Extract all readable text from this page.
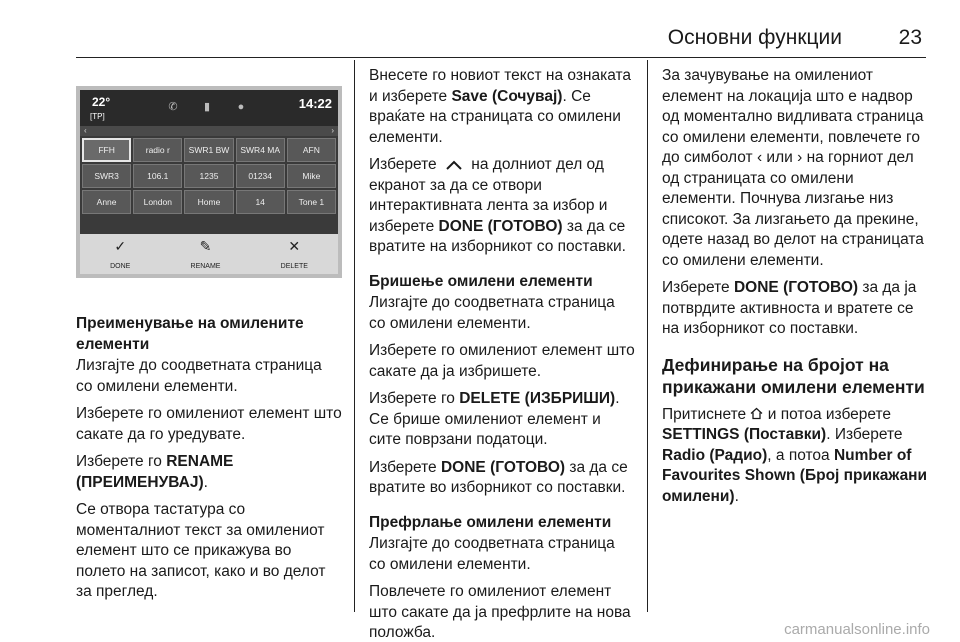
Основни функции	23
22°
[TP]
✆	▮	●	14:22
‹	›
FFH	radio r	SWR1 BW	SWR4 MA	AFN
SWR3	106.1	1235	01234	Mike
Anne	London	Home	14	Tone 1
✓
DONE
✎
RENAME
✕
DELETE
Преименување на омилените елементи

Лизгајте до соодветната страница со омилени елементи.

Изберете го омилениот елемент што сакате да го уредувате.

Изберете го RENAME (ПРЕИМЕНУВАЈ).

Се отвора тастатура со моменталниот текст за омилениот елемент што се прикажува во полето на записот, како и во делот за преглед.

Внесете го новиот текст на ознаката и изберете Save (Сочувај). Се враќате на страницата со омилени елементи.

Изберете  на долниот дел од екранот за да се отвори интерактивната лента за избор и изберете DONE (ГОТОВО) за да се вратите на изборникот со поставки.

Бришење омилени елементи

Лизгајте до соодветната страница со омилени елементи.

Изберете го омилениот елемент што сакате да ја избришете.

Изберете го DELETE (ИЗБРИШИ). Се брише омилениот елемент и сите поврзани податоци.

Изберете DONE (ГОТОВО) за да се вратите во изборникот со поставки.

Префрлање омилени елементи

Лизгајте до соодветната страница со омилени елементи.

Повлечете го омилениот елемент што сакате да ја префрлите на нова положба.

За зачувување на омилениот елемент на локација што е надвор од моментално видливата страница со омилени елементи, повлечете го до симболот ‹ или › на горниот дел од страницата со омилени елементи. Почнува лизгање низ списокот. За лизгањето да прекине, одете назад во делот на страницата со омилени елементи.

Изберете DONE (ГОТОВО) за да ја потврдите активноста и вратете се на изборникот со поставки.

Дефинирање на бројот на прикажани омилени елементи

Притиснете  и потоа изберете SETTINGS (Поставки). Изберете Radio (Радио), а потоа Number of Favourites Shown (Број прикажани омилени).

carmanualsonline.info
